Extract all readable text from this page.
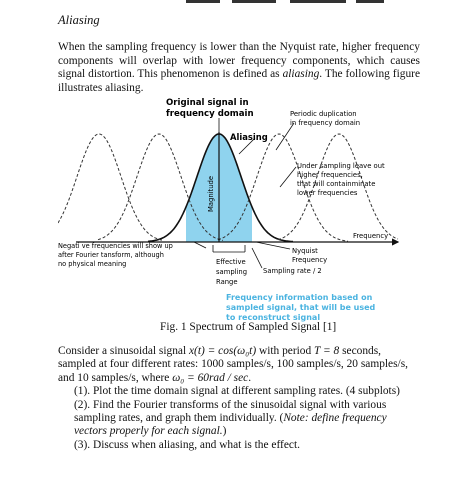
Aliasing
When the sampling frequency is lower than the Nyquist rate, higher frequency components will overlap with lower frequency components, which causes signal distortion. This phenomenon is defined as aliasing. The following figure illustrates aliasing.
Original signal in
frequency domain	Periodic duplication
in frequency domain
Aliasing
Magnitude
Under sampling leave out
higher frequencies,
that will containminate
lower frequencies
Frequency
Negati ve frequencies will show up
after Fourier tansform, although
no physical meaning
Nyquist
Frequency
Sampling rate / 2
Effective
sampling
Range
Frequency information based on
sampled signal, that will be used
to reconstruct signal
Fig. 1 Spectrum of Sampled Signal [1]

Consider a sinusoidal signal x(t) = cos(ω₀t) with period T = 8 seconds, sampled at four different rates: 1000 samples/s, 100 samples/s, 20 samples/s, and 10 samples/s, where ω₀ = 60rad / sec.

(1). Plot the time domain signal at different sampling rates. (4 subplots)

(2). Find the Fourier transforms of the sinusoidal signal with various sampling rates, and graph them individually. (Note: define frequency vectors properly for each signal.)

(3). Discuss when aliasing, and what is the effect.
